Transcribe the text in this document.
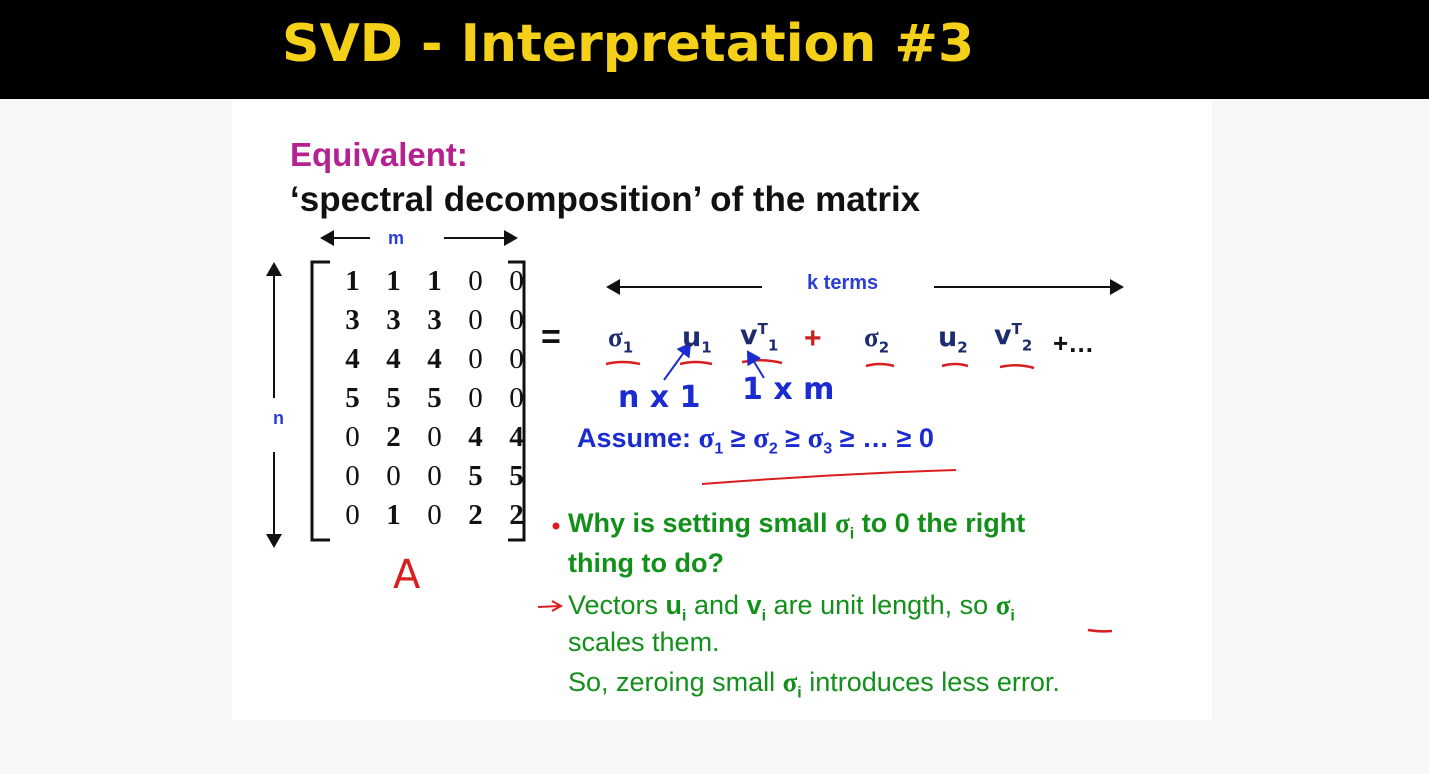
SVD - Interpretation #3
Equivalent:
‘spectral decomposition’ of the matrix
m
n
k terms
1 1 1 0 0
3 3 3 0 0
4 4 4 0 0
5 5 5 0 0
0 2 0 4 4
0 0 0 5 5
0 1 0 2 2
A
= $\sigma_1$ $u_1$ $v^T_1 + \sigma_2$ $u_2$ $v^T_2$ +…
n x 1 1 x m
Assume: $\sigma_1 \ge \sigma_2 \ge \sigma_3$ ≥ … ≥ 0
Why is setting small $\sigma_i$ to 0 the right
thing to do?
Vectors $u_i$ and $v_i$ are unit length, so $\sigma_i$
scales them.
So, zeroing small $\sigma_i$ introduces less error.
